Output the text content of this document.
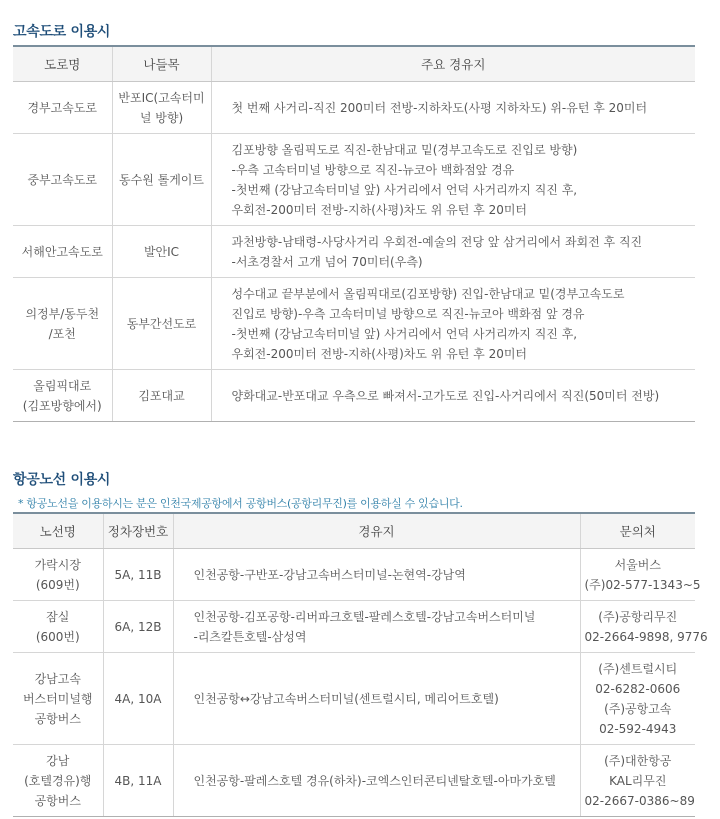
고속도로 이용시
도로명	나들목	주요 경유지

경부고속도로	반포IC(고속터미
널 방향)	첫 번째 사거리-직진 200미터 전방-지하차도(사평 지하차도) 위-유턴 후 20미터

중부고속도로	동수원 톨게이트	김포방향 올림픽도로 직진-한남대교 밑(경부고속도로 진입로 방향)
-우측 고속터미널 방향으로 직진-뉴코아 백화점앞 경유
-첫번째 (강남고속터미널 앞) 사거리에서 언덕 사거리까지 직진 후,
우회전-200미터 전방-지하(사평)차도 위 유턴 후 20미터

서해안고속도로	발안IC	과천방향-남태령-사당사거리 우회전-예술의 전당 앞 삼거리에서 좌회전 후 직진
-서초경찰서 고개 넘어 70미터(우측)

의정부/동두천
/포천	동부간선도로	성수대교 끝부분에서 올림픽대로(김포방향) 진입-한남대교 밑(경부고속도로
진입로 방향)-우측 고속터미널 방향으로 직진-뉴코아 백화점 앞 경유
-첫번째 (강남고속터미널 앞) 사거리에서 언덕 사거리까지 직진 후,
우회전-200미터 전방-지하(사평)차도 위 유턴 후 20미터

올림픽대로
(김포방향에서)	김포대교	양화대교-반포대교 우측으로 빠져서-고가도로 진입-사거리에서 직진(50미터 전방)
항공노선 이용시
* 항공노선을 이용하시는 분은 인천국제공항에서 공항버스(공항리무진)를 이용하실 수 있습니다.
노선명	정차장번호	경유지	문의처

가락시장
(609번)	5A, 11B	인천공항-구반포-강남고속버스터미널-논현역-강남역	서울버스
(주)02-577-1343~5

잠실
(600번)	6A, 12B	인천공항-김포공항-리버파크호텔-팔레스호텔-강남고속버스터미널
-리츠칼튼호텔-삼성역	(주)공항리무진
02-2664-9898, 9776

강남고속
버스터미널행
공항버스	4A, 10A	인천공항↔강남고속버스터미널(센트럴시티, 메리어트호텔)	(주)센트럴시티
02-6282-0606
(주)공항고속
02-592-4943

강남
(호텔경유)행
공항버스	4B, 11A	인천공항-팔레스호텔 경유(하차)-코엑스인터콘티넨탈호텔-아마가호텔	(주)대한항공
KAL리무진
02-2667-0386~89
